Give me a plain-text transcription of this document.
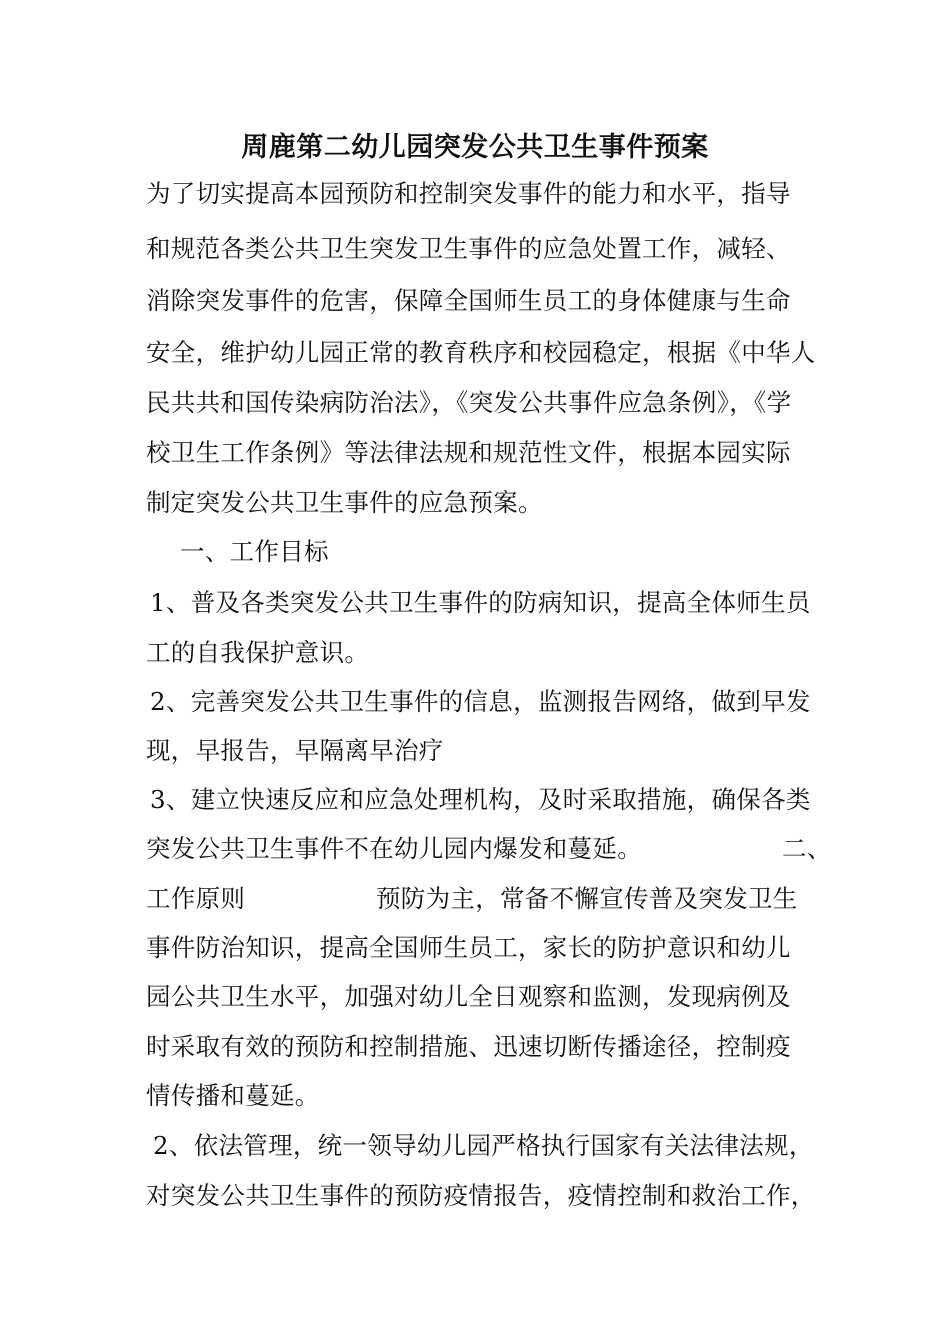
周鹿第二幼儿园突发公共卫生事件预案
为了切实提高本园预防和控制突发事件的能力和水平，指导
和规范各类公共卫生突发卫生事件的应急处置工作，减轻、
消除突发事件的危害，保障全国师生员工的身体健康与生命
安全，维护幼儿园正常的教育秩序和校园稳定，根据《中华人
民共共和国传染病防治法》，《突发公共事件应急条例》，《学
校卫生工作条例》等法律法规和规范性文件，根据本园实际
制定突发公共卫生事件的应急预案。
一、工作目标
1、普及各类突发公共卫生事件的防病知识，提高全体师生员
工的自我保护意识。
2、完善突发公共卫生事件的信息，监测报告网络，做到早发
现，早报告，早隔离早治疗
3、建立快速反应和应急处理机构，及时采取措施，确保各类
突发公共卫生事件不在幼儿园内爆发和蔓延。	二、
工作原则	预防为主，常备不懈宣传普及突发卫生
事件防治知识，提高全国师生员工，家长的防护意识和幼儿
园公共卫生水平，加强对幼儿全日观察和监测，发现病例及
时采取有效的预防和控制措施、迅速切断传播途径，控制疫
情传播和蔓延。
2、依法管理，统一领导幼儿园严格执行国家有关法律法规，
对突发公共卫生事件的预防疫情报告，疫情控制和救治工作，
